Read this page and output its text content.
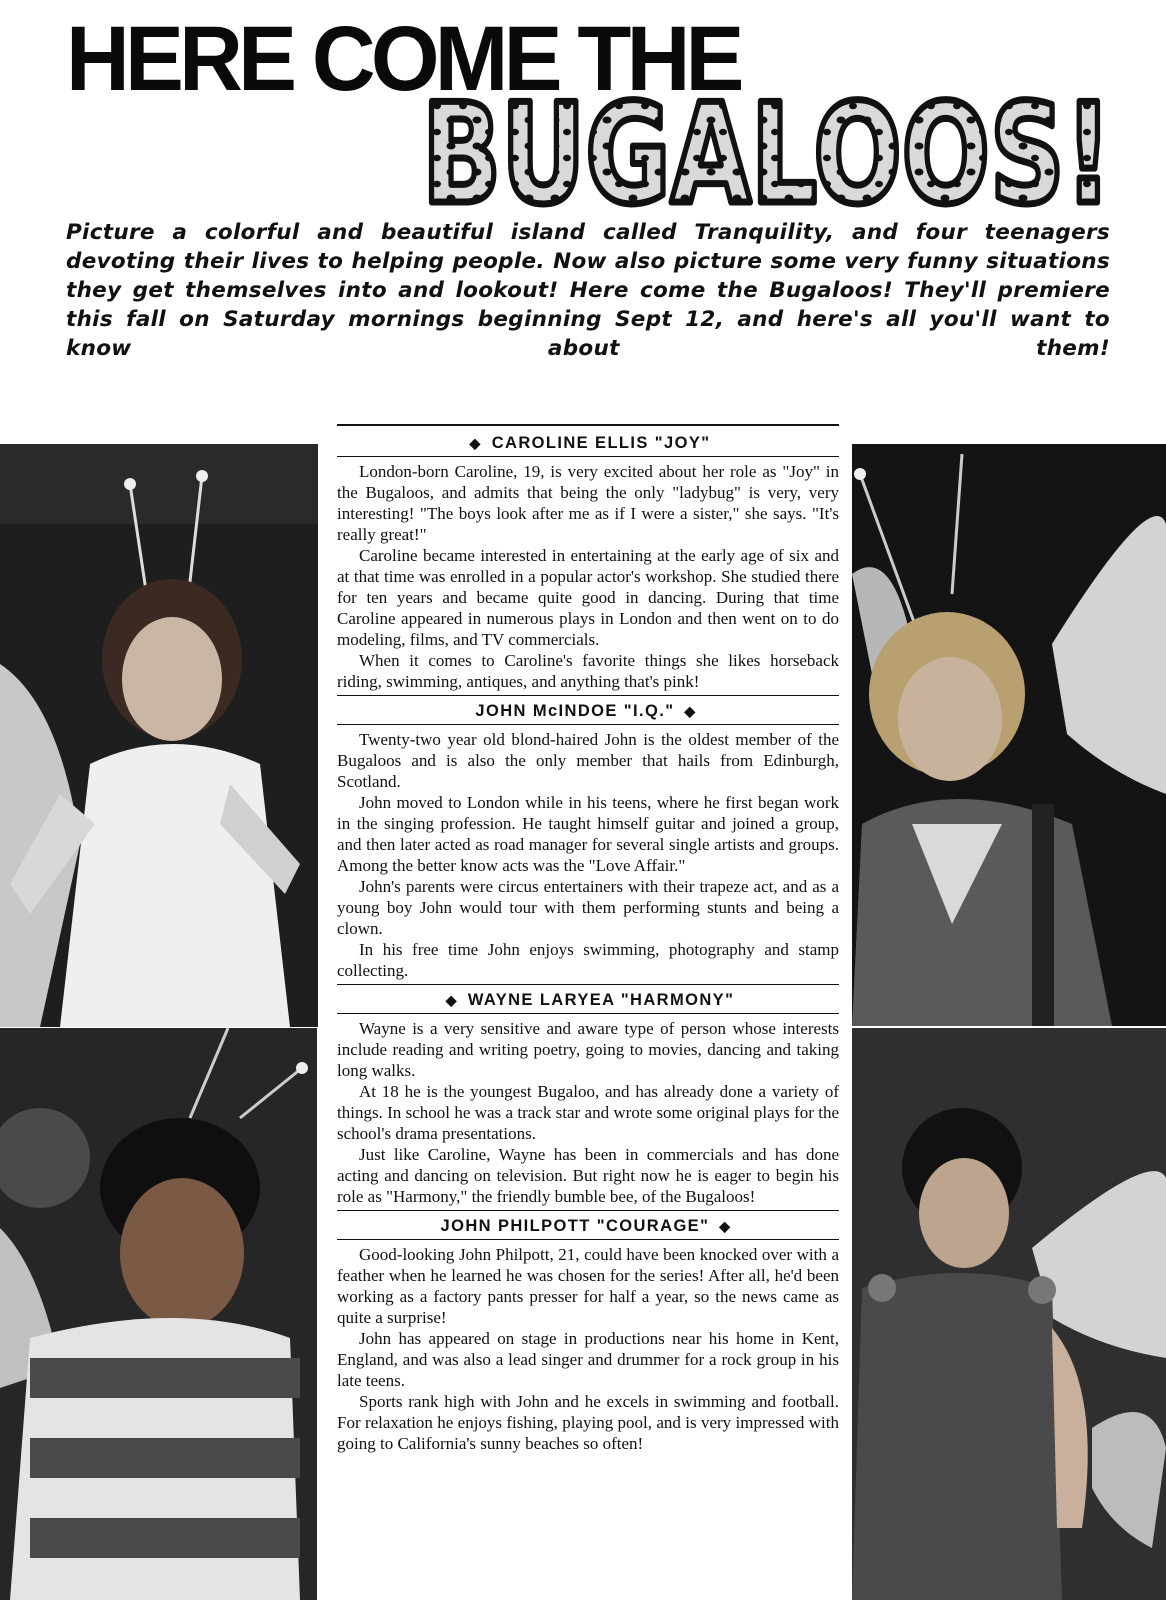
HERE COME THE
BUGALOOS!

Picture a colorful and beautiful island called Tranquility, and four teenagers devoting their lives to helping people. Now also picture some very funny situations they get themselves into and lookout! Here come the Bugaloos! They'll premiere this fall on Saturday mornings beginning Sept 12, and here's all you'll want to know about them!

◆ CAROLINE ELLIS "JOY"

London-born Caroline, 19, is very excited about her role as "Joy" in the Bugaloos, and admits that being the only "ladybug" is very, very interesting! "The boys look after me as if I were a sister," she says. "It's really great!"

Caroline became interested in entertaining at the early age of six and at that time was enrolled in a popular actor's workshop. She studied there for ten years and became quite good in dancing. During that time Caroline appeared in numerous plays in London and then went on to do modeling, films, and TV commercials.

When it comes to Caroline's favorite things she likes horseback riding, swimming, antiques, and anything that's pink!

JOHN McINDOE "I.Q." ◆

Twenty-two year old blond-haired John is the oldest member of the Bugaloos and is also the only member that hails from Edinburgh, Scotland.

John moved to London while in his teens, where he first began work in the singing profession. He taught himself guitar and joined a group, and then later acted as road manager for several single artists and groups. Among the better know acts was the "Love Affair."

John's parents were circus entertainers with their trapeze act, and as a young boy John would tour with them performing stunts and being a clown.

In his free time John enjoys swimming, photography and stamp collecting.

◆ WAYNE LARYEA "HARMONY"

Wayne is a very sensitive and aware type of person whose interests include reading and writing poetry, going to movies, dancing and taking long walks.

At 18 he is the youngest Bugaloo, and has already done a variety of things. In school he was a track star and wrote some original plays for the school's drama presentations.

Just like Caroline, Wayne has been in commercials and has done acting and dancing on television. But right now he is eager to begin his role as "Harmony," the friendly bumble bee, of the Bugaloos!

JOHN PHILPOTT "COURAGE" ◆

Good-looking John Philpott, 21, could have been knocked over with a feather when he learned he was chosen for the series! After all, he'd been working as a factory pants presser for half a year, so the news came as quite a surprise!

John has appeared on stage in productions near his home in Kent, England, and was also a lead singer and drummer for a rock group in his late teens.

Sports rank high with John and he excels in swimming and football. For relaxation he enjoys fishing, playing pool, and is very impressed with going to California's sunny beaches so often!
